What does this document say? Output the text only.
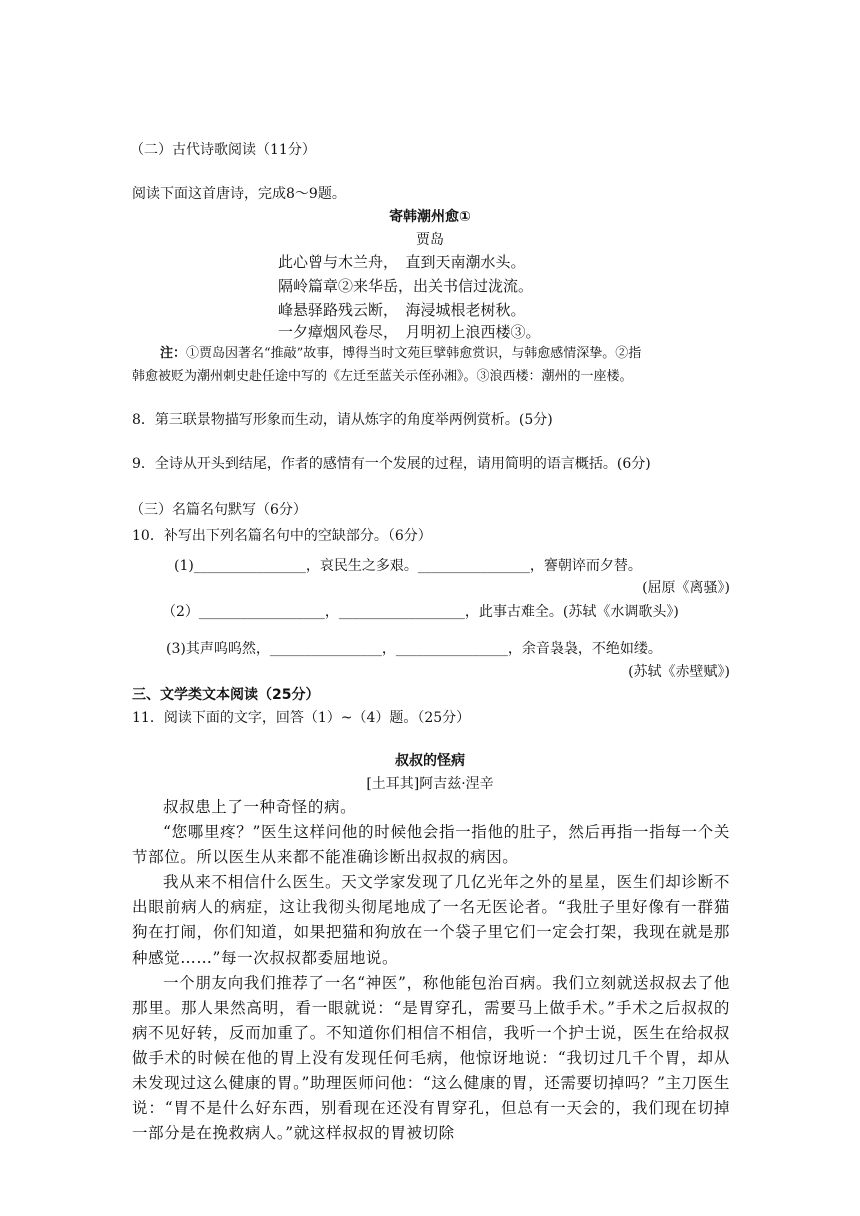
（二）古代诗歌阅读（11分）
阅读下面这首唐诗，完成8～9题。
寄韩潮州愈①
贾岛
此心曾与木兰舟，　直到天南潮水头。
隔岭篇章②来华岳，出关书信过泷流。
峰悬驿路残云断，　海浸城根老树秋。
一夕瘴烟风卷尽，　月明初上浪西楼③。
注：①贾岛因著名“推敲”故事，博得当时文苑巨擘韩愈赏识，与韩愈感情深挚。②指
韩愈被贬为潮州刺史赴任途中写的《左迁至蓝关示侄孙湘》。③浪西楼：潮州的一座楼。
8．第三联景物描写形象而生动，请从炼字的角度举两例赏析。(5分)
9．全诗从开头到结尾，作者的感情有一个发展的过程，请用简明的语言概括。(6分)
（三）名篇名句默写（6分）
10．补写出下列名篇名句中的空缺部分。（6分）
(1)________________，哀民生之多艰。________________，謇朝谇而夕替。
(屈原《离骚》)
（2）__________________，__________________，此事古难全。(苏轼《水调歌头》)
(3)其声呜呜然，________________，________________，余音袅袅，不绝如缕。
(苏轼《赤壁赋》)
三、文学类文本阅读（25分）
11．阅读下面的文字，回答（1）~（4）题。（25分）
叔叔的怪病
[土耳其]阿吉兹·涅辛

叔叔患上了一种奇怪的病。

“您哪里疼？”医生这样问他的时候他会指一指他的肚子，然后再指一指每一个关节部位。所以医生从来都不能准确诊断出叔叔的病因。

我从来不相信什么医生。天文学家发现了几亿光年之外的星星，医生们却诊断不出眼前病人的病症，这让我彻头彻尾地成了一名无医论者。“我肚子里好像有一群猫狗在打闹，你们知道，如果把猫和狗放在一个袋子里它们一定会打架，我现在就是那种感觉……”每一次叔叔都委屈地说。

一个朋友向我们推荐了一名“神医”，称他能包治百病。我们立刻就送叔叔去了他那里。那人果然高明，看一眼就说：“是胃穿孔，需要马上做手术。”手术之后叔叔的病不见好转，反而加重了。不知道你们相信不相信，我听一个护士说，医生在给叔叔做手术的时候在他的胃上没有发现任何毛病，他惊讶地说：“我切过几千个胃，却从未发现过这么健康的胃。”助理医师问他：“这么健康的胃，还需要切掉吗？”主刀医生说：“胃不是什么好东西，别看现在还没有胃穿孔，但总有一天会的，我们现在切掉一部分是在挽救病人。”就这样叔叔的胃被切除
